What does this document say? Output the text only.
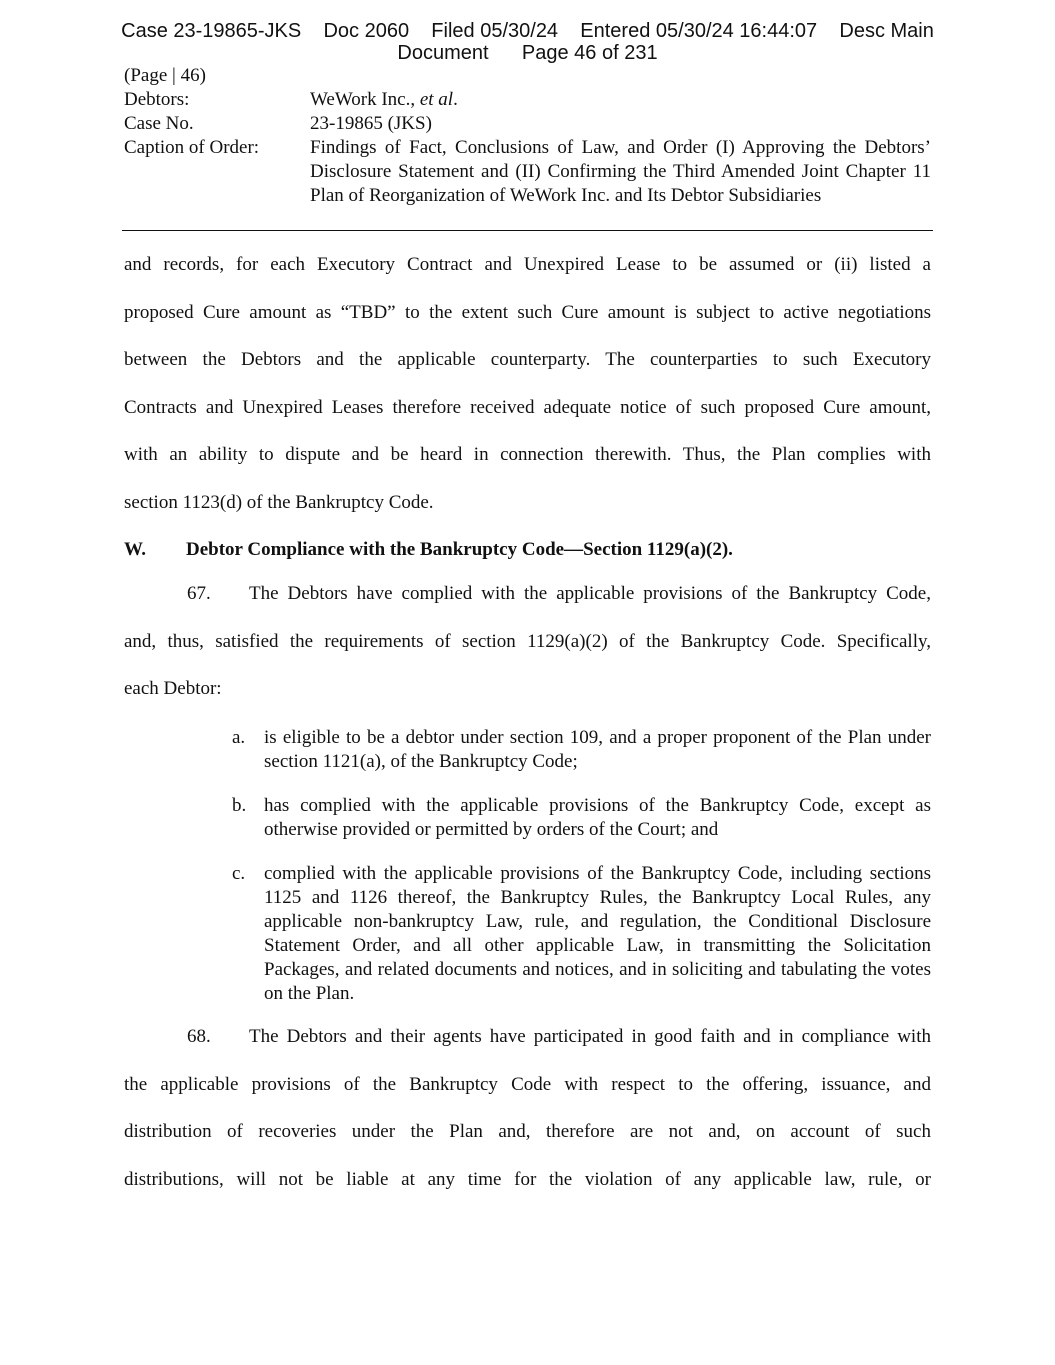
Case 23-19865-JKS    Doc 2060    Filed 05/30/24    Entered 05/30/24 16:44:07    Desc Main
Document Page 46 of 231
(Page | 46)
Debtors:	WeWork Inc., et al.
Case No.	23-19865 (JKS)
Caption of Order:	Findings of Fact, Conclusions of Law, and Order (I) Approving the Debtors’ Disclosure Statement and (II) Confirming the Third Amended Joint Chapter 11 Plan of Reorganization of WeWork Inc. and Its Debtor Subsidiaries
and records, for each Executory Contract and Unexpired Lease to be assumed or (ii) listed a
proposed Cure amount as “TBD” to the extent such Cure amount is subject to active negotiations
between the Debtors and the applicable counterparty. The counterparties to such Executory
Contracts and Unexpired Leases therefore received adequate notice of such proposed Cure amount,
with an ability to dispute and be heard in connection therewith. Thus, the Plan complies with
section 1123(d) of the Bankruptcy Code.
W. Debtor Compliance with the Bankruptcy Code—Section 1129(a)(2).
67. The Debtors have complied with the applicable provisions of the Bankruptcy Code,
and, thus, satisfied the requirements of section 1129(a)(2) of the Bankruptcy Code. Specifically,
each Debtor:
a. is eligible to be a debtor under section 109, and a proper proponent of the Plan under section 1121(a), of the Bankruptcy Code;
b. has complied with the applicable provisions of the Bankruptcy Code, except as otherwise provided or permitted by orders of the Court; and
c. complied with the applicable provisions of the Bankruptcy Code, including sections 1125 and 1126 thereof, the Bankruptcy Rules, the Bankruptcy Local Rules, any applicable non-bankruptcy Law, rule, and regulation, the Conditional Disclosure Statement Order, and all other applicable Law, in transmitting the Solicitation Packages, and related documents and notices, and in soliciting and tabulating the votes on the Plan.
68. The Debtors and their agents have participated in good faith and in compliance with
the applicable provisions of the Bankruptcy Code with respect to the offering, issuance, and
distribution of recoveries under the Plan and, therefore are not and, on account of such
distributions, will not be liable at any time for the violation of any applicable law, rule, or
